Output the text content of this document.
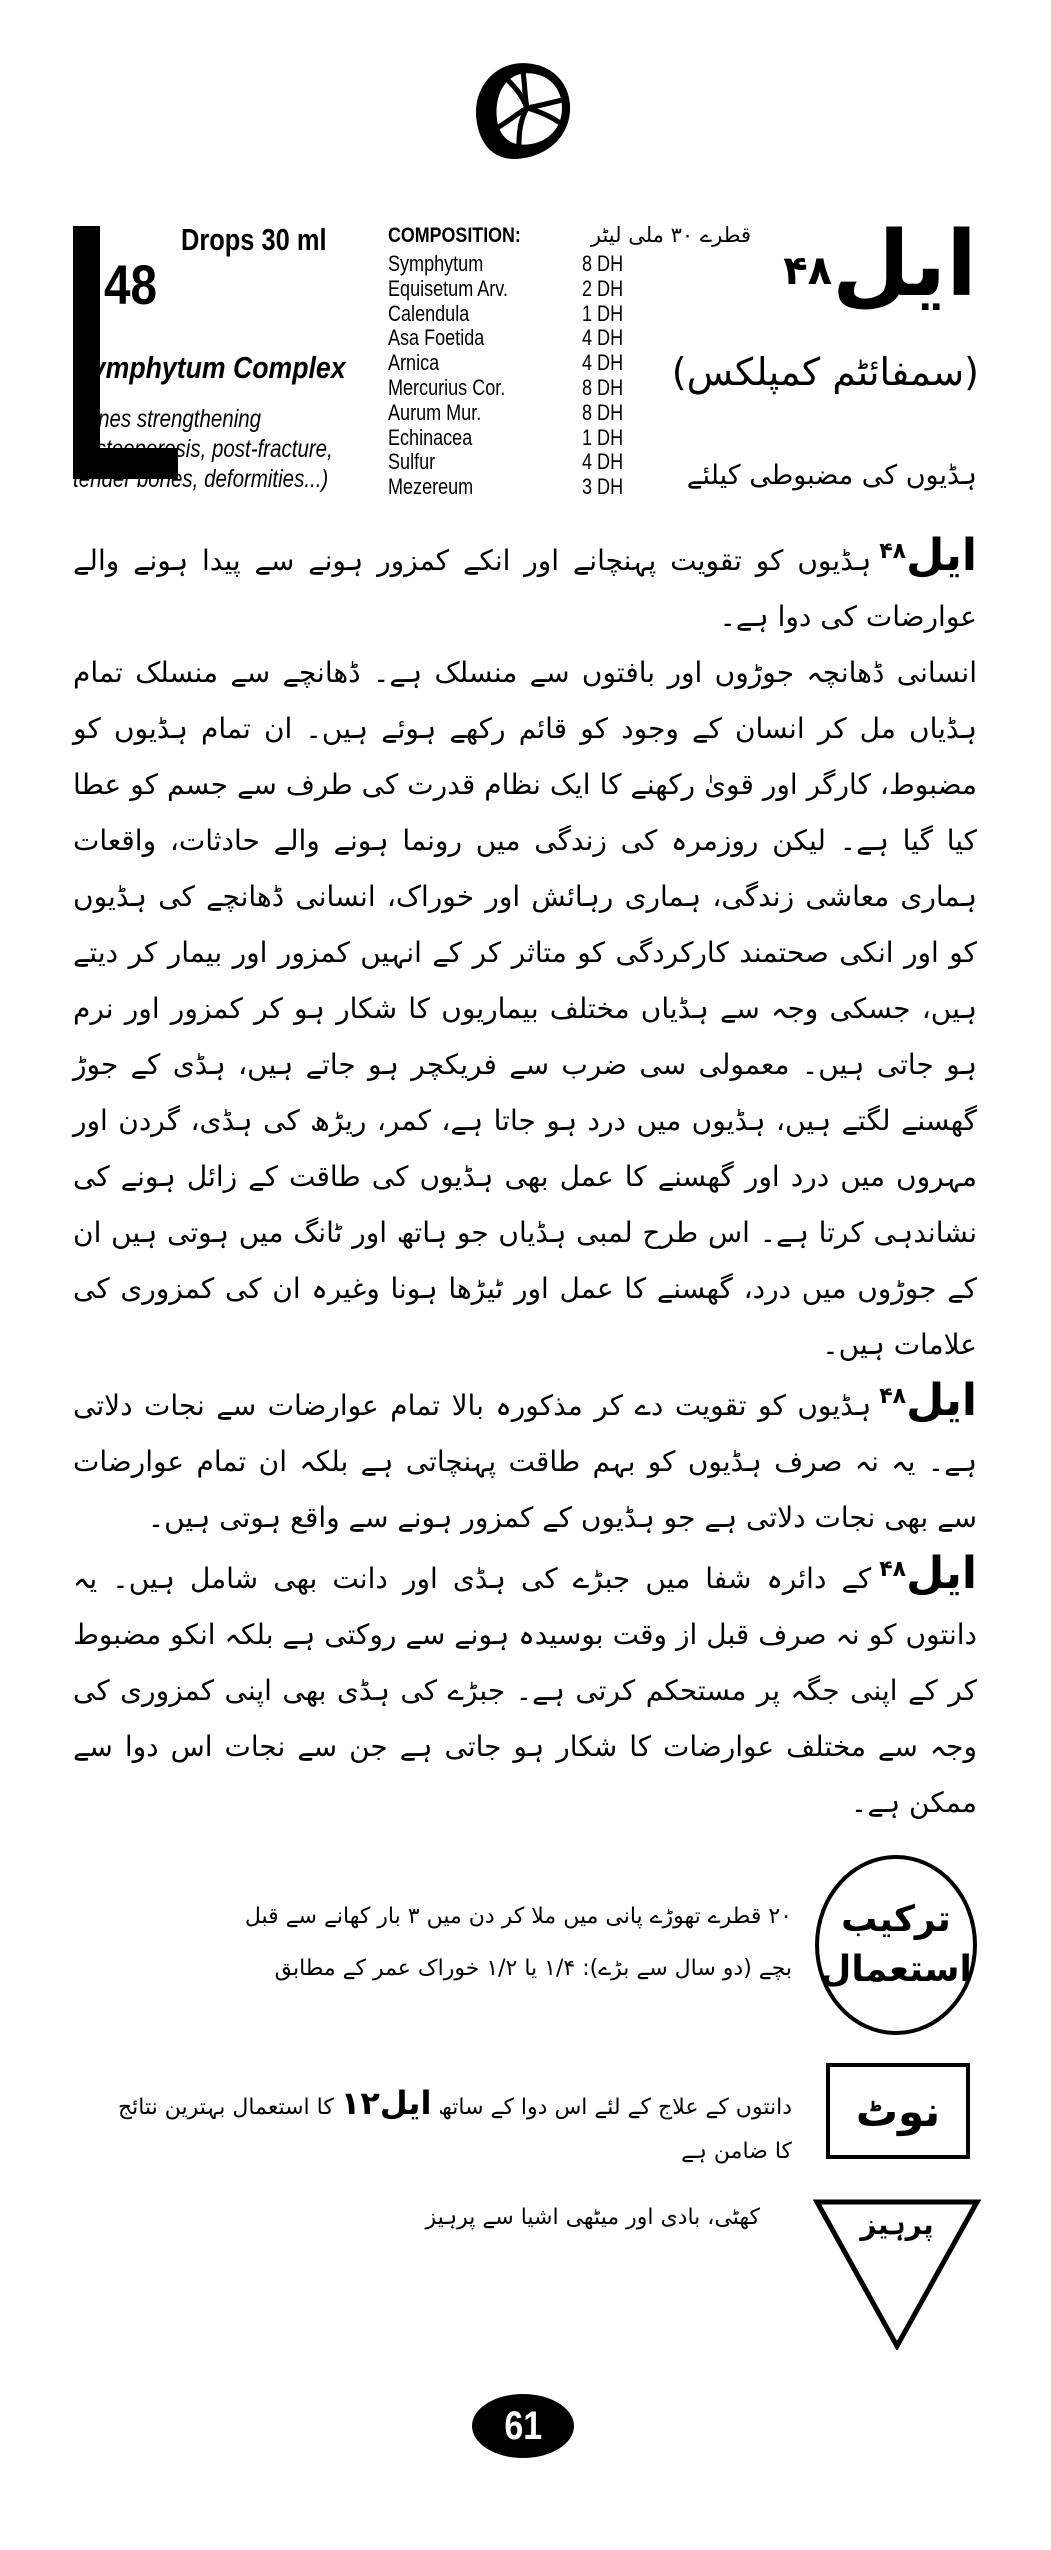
48
Drops 30 ml
Symphytum Complex
Bones strengthening
(Osteoporosis, post-fracture,
tender bones, deformities...)
COMPOSITION:
Symphytum	8 DH
Equisetum Arv.	2 DH
Calendula	1 DH
Asa Foetida	4 DH
Arnica	4 DH
Mercurius Cor.	8 DH
Aurum Mur.	8 DH
Echinacea	1 DH
Sulfur	4 DH
Mezereum	3 DH
قطرے ۳۰ ملی لیٹر ایل$^{۴۸}$
(سمفائٹم کمپلکس)
ہڈیوں کی مضبوطی کیلئے

ایل$^{۴۸}$ہڈیوں کو تقویت پہنچانے اور انکے کمزور ہونے سے پیدا ہونے والے عوارضات کی دوا ہے۔

انسانی ڈھانچہ جوڑوں اور بافتوں سے منسلک ہے۔ ڈھانچے سے منسلک تمام ہڈیاں مل کر انسان کے وجود کو قائم رکھے ہوئے ہیں۔ ان تمام ہڈیوں کو مضبوط، کارگر اور قویٰ رکھنے کا ایک نظام قدرت کی طرف سے جسم کو عطا کیا گیا ہے۔ لیکن روزمرہ کی زندگی میں رونما ہونے والے حادثات، واقعات ہماری معاشی زندگی، ہماری رہائش اور خوراک، انسانی ڈھانچے کی ہڈیوں کو اور انکی صحتمند کارکردگی کو متاثر کر کے انہیں کمزور اور بیمار کر دیتے ہیں، جسکی وجہ سے ہڈیاں مختلف بیماریوں کا شکار ہو کر کمزور اور نرم ہو جاتی ہیں۔ معمولی سی ضرب سے فریکچر ہو جاتے ہیں، ہڈی کے جوڑ گھسنے لگتے ہیں، ہڈیوں میں درد ہو جاتا ہے، کمر، ریڑھ کی ہڈی، گردن اور مہروں میں درد اور گھسنے کا عمل بھی ہڈیوں کی طاقت کے زائل ہونے کی نشاندہی کرتا ہے۔ اس طرح لمبی ہڈیاں جو ہاتھ اور ٹانگ میں ہوتی ہیں ان کے جوڑوں میں درد، گھسنے کا عمل اور ٹیڑھا ہونا وغیرہ ان کی کمزوری کی علامات ہیں۔

ایل$^{۴۸}$ہڈیوں کو تقویت دے کر مذکورہ بالا تمام عوارضات سے نجات دلاتی ہے۔ یہ نہ صرف ہڈیوں کو بہم طاقت پہنچاتی ہے بلکہ ان تمام عوارضات سے بھی نجات دلاتی ہے جو ہڈیوں کے کمزور ہونے سے واقع ہوتی ہیں۔

ایل$^{۴۸}$کے دائرہ شفا میں جبڑے کی ہڈی اور دانت بھی شامل ہیں۔ یہ دانتوں کو نہ صرف قبل از وقت بوسیدہ ہونے سے روکتی ہے بلکہ انکو مضبوط کر کے اپنی جگہ پر مستحکم کرتی ہے۔ جبڑے کی ہڈی بھی اپنی کمزوری کی وجہ سے مختلف عوارضات کا شکار ہو جاتی ہے جن سے نجات اس دوا سے ممکن ہے۔

ترکیب
استعمال
۲۰ قطرے تھوڑے پانی میں ملا کر دن میں ۳ بار کھانے سے قبل
بچے (دو سال سے بڑے): ۱/۴ یا ۱/۲ خوراک عمر کے مطابق
نوٹ
دانتوں کے علاج کے لئے اس دوا کے ساتھ ایل۱۲ کا استعمال بہترین نتائج کا ضامن ہے
پرہیز
کھٹی، بادی اور میٹھی اشیا سے پرہیز
61
